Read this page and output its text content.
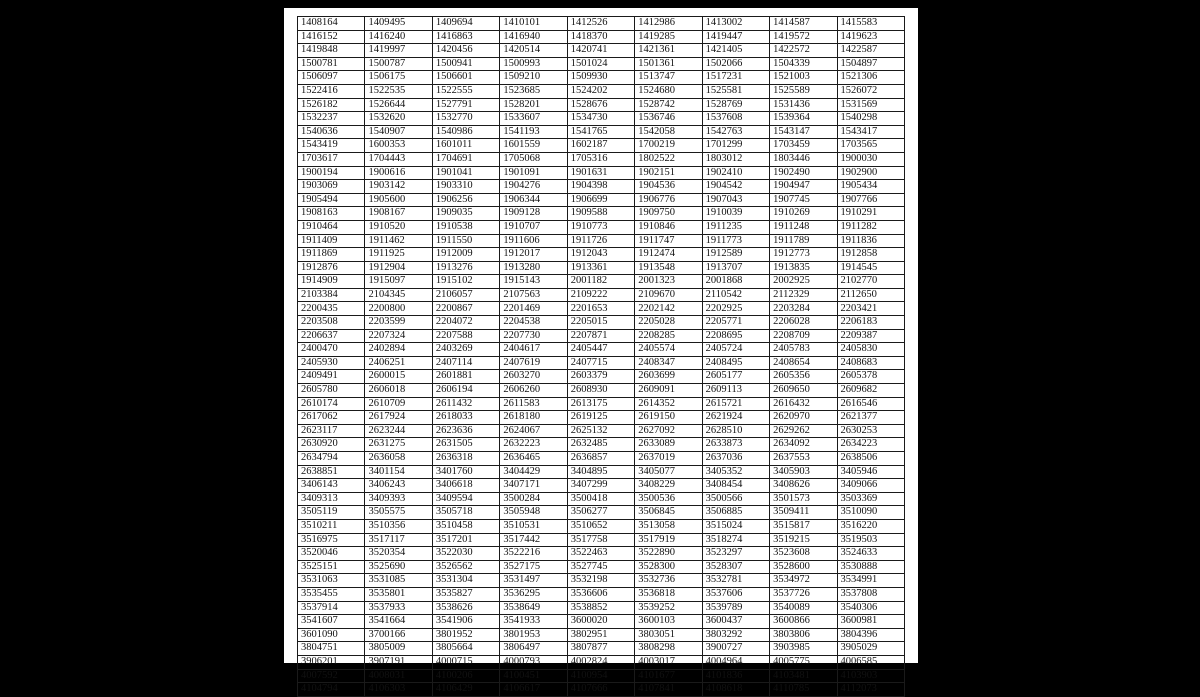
1408164	1409495	1409694	1410101	1412526	1412986	1413002	1414587	1415583
1416152	1416240	1416863	1416940	1418370	1419285	1419447	1419572	1419623
1419848	1419997	1420456	1420514	1420741	1421361	1421405	1422572	1422587
1500781	1500787	1500941	1500993	1501024	1501361	1502066	1504339	1504897
1506097	1506175	1506601	1509210	1509930	1513747	1517231	1521003	1521306
1522416	1522535	1522555	1523685	1524202	1524680	1525581	1525589	1526072
1526182	1526644	1527791	1528201	1528676	1528742	1528769	1531436	1531569
1532237	1532620	1532770	1533607	1534730	1536746	1537608	1539364	1540298
1540636	1540907	1540986	1541193	1541765	1542058	1542763	1543147	1543417
1543419	1600353	1601011	1601559	1602187	1700219	1701299	1703459	1703565
1703617	1704443	1704691	1705068	1705316	1802522	1803012	1803446	1900030
1900194	1900616	1901041	1901091	1901631	1902151	1902410	1902490	1902900
1903069	1903142	1903310	1904276	1904398	1904536	1904542	1904947	1905434
1905494	1905600	1906256	1906344	1906699	1906776	1907043	1907745	1907766
1908163	1908167	1909035	1909128	1909588	1909750	1910039	1910269	1910291
1910464	1910520	1910538	1910707	1910773	1910846	1911235	1911248	1911282
1911409	1911462	1911550	1911606	1911726	1911747	1911773	1911789	1911836
1911869	1911925	1912009	1912017	1912043	1912474	1912589	1912773	1912858
1912876	1912904	1913276	1913280	1913361	1913548	1913707	1913835	1914545
1914909	1915097	1915102	1915143	2001182	2001323	2001868	2002925	2102770
2103384	2104345	2106057	2107563	2109222	2109670	2110542	2112329	2112650
2200435	2200800	2200867	2201469	2201653	2202142	2202925	2203284	2203421
2203508	2203599	2204072	2204538	2205015	2205028	2205771	2206028	2206183
2206637	2207324	2207588	2207730	2207871	2208285	2208695	2208709	2209387
2400470	2402894	2403269	2404617	2405447	2405574	2405724	2405783	2405830
2405930	2406251	2407114	2407619	2407715	2408347	2408495	2408654	2408683
2409491	2600015	2601881	2603270	2603379	2603699	2605177	2605356	2605378
2605780	2606018	2606194	2606260	2608930	2609091	2609113	2609650	2609682
2610174	2610709	2611432	2611583	2613175	2614352	2615721	2616432	2616546
2617062	2617924	2618033	2618180	2619125	2619150	2621924	2620970	2621377
2623117	2623244	2623636	2624067	2625132	2627092	2628510	2629262	2630253
2630920	2631275	2631505	2632223	2632485	2633089	2633873	2634092	2634223
2634794	2636058	2636318	2636465	2636857	2637019	2637036	2637553	2638506
2638851	3401154	3401760	3404429	3404895	3405077	3405352	3405903	3405946
3406143	3406243	3406618	3407171	3407299	3408229	3408454	3408626	3409066
3409313	3409393	3409594	3500284	3500418	3500536	3500566	3501573	3503369
3505119	3505575	3505718	3505948	3506277	3506845	3506885	3509411	3510090
3510211	3510356	3510458	3510531	3510652	3513058	3515024	3515817	3516220
3516975	3517117	3517201	3517442	3517758	3517919	3518274	3519215	3519503
3520046	3520354	3522030	3522216	3522463	3522890	3523297	3523608	3524633
3525151	3525690	3526562	3527175	3527745	3528300	3528307	3528600	3530888
3531063	3531085	3531304	3531497	3532198	3532736	3532781	3534972	3534991
3535455	3535801	3535827	3536295	3536606	3536818	3537606	3537726	3537808
3537914	3537933	3538626	3538649	3538852	3539252	3539789	3540089	3540306
3541607	3541664	3541906	3541933	3600020	3600103	3600437	3600866	3600981
3601090	3700166	3801952	3801953	3802951	3803051	3803292	3803806	3804396
3804751	3805009	3805664	3806497	3807877	3808298	3900727	3903985	3905029
3906201	3907191	4000715	4000793	4002824	4003017	4004964	4005775	4006585
4007592	4008031	4100206	4100451	4100954	4101677	4101836	4103481	4103903
4104794	4106303	4106429	4106617	4107666	4107841	4108618	4110785	4112073
